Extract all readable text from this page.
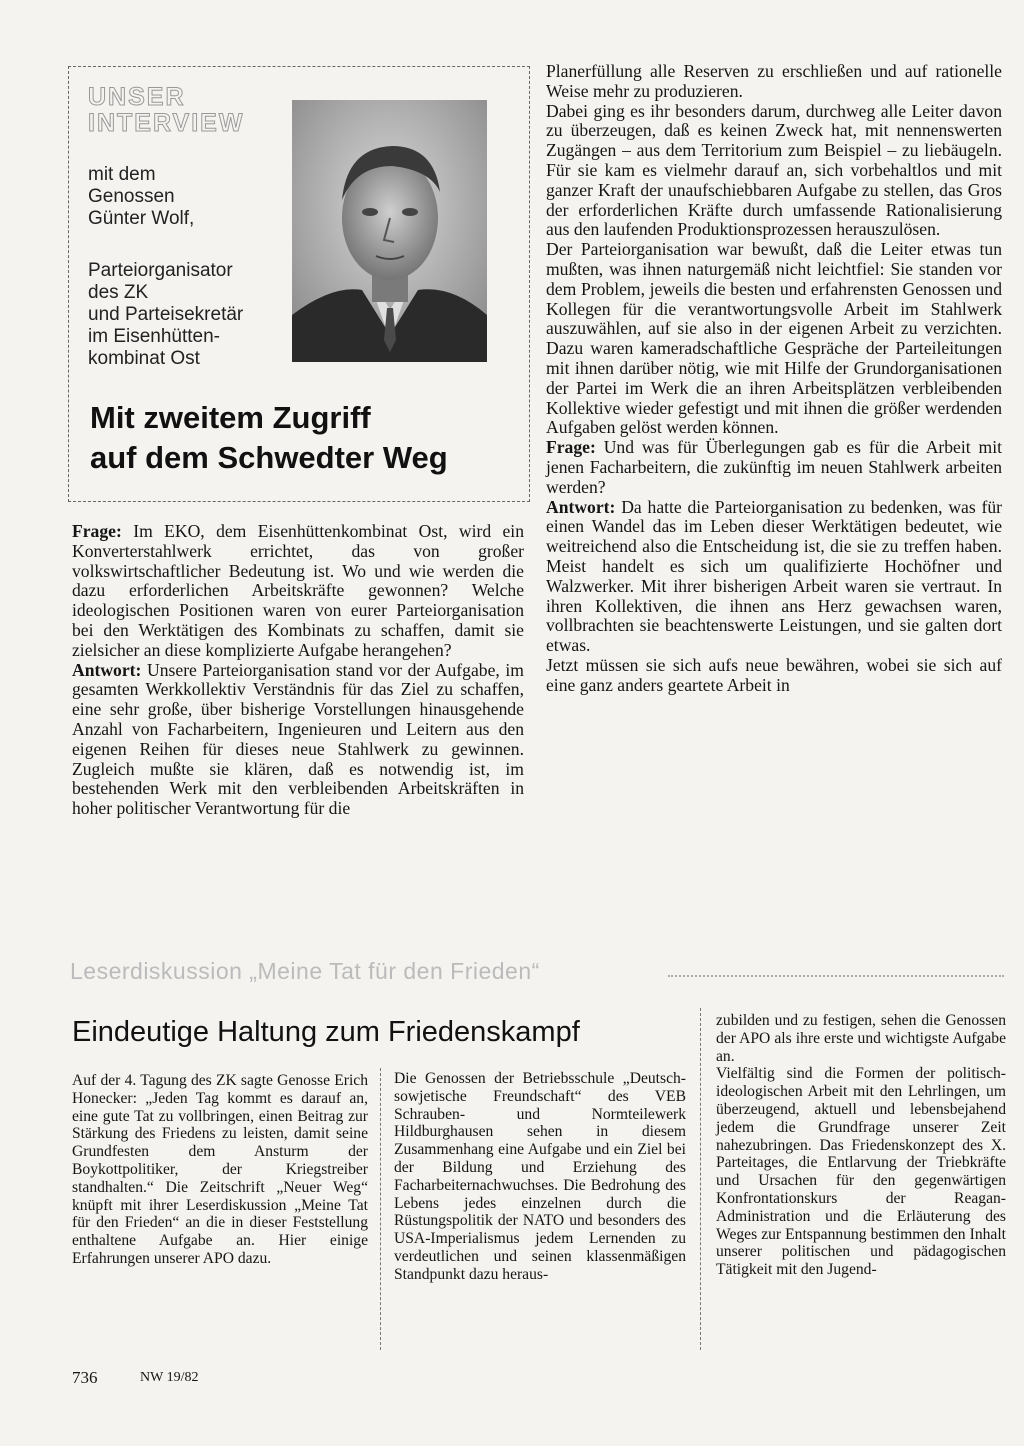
UNSER
INTERVIEW
mit dem
Genossen
Günter Wolf,
Parteiorganisator
des ZK
und Parteisekretär
im Eisenhütten-
kombinat Ost
Mit zweitem Zugriff
auf dem Schwedter Weg

Frage: Im EKO, dem Eisenhüttenkombinat Ost, wird ein Konverterstahlwerk errichtet, das von großer volkswirtschaftlicher Bedeutung ist. Wo und wie werden die dazu erforderlichen Arbeitskräfte gewonnen? Welche ideologischen Positionen waren von eurer Parteiorganisation bei den Werktätigen des Kombinats zu schaffen, damit sie zielsicher an diese komplizierte Aufgabe herangehen?

Antwort: Unsere Parteiorganisation stand vor der Aufgabe, im gesamten Werkkollektiv Verständnis für das Ziel zu schaffen, eine sehr große, über bisherige Vorstellungen hinausgehende Anzahl von Facharbeitern, Ingenieuren und Leitern aus den eigenen Reihen für dieses neue Stahlwerk zu gewinnen. Zugleich mußte sie klären, daß es notwendig ist, im bestehenden Werk mit den verbleibenden Arbeitskräften in hoher politischer Verantwortung für die

Planerfüllung alle Reserven zu erschließen und auf rationelle Weise mehr zu produzieren.

Dabei ging es ihr besonders darum, durchweg alle Leiter davon zu überzeugen, daß es keinen Zweck hat, mit nennenswerten Zugängen – aus dem Territorium zum Beispiel – zu liebäugeln. Für sie kam es vielmehr darauf an, sich vorbehaltlos und mit ganzer Kraft der unaufschiebbaren Aufgabe zu stellen, das Gros der erforderlichen Kräfte durch umfassende Rationalisierung aus den laufenden Produktionsprozessen herauszulösen.

Der Parteiorganisation war bewußt, daß die Leiter etwas tun mußten, was ihnen naturgemäß nicht leichtfiel: Sie standen vor dem Problem, jeweils die besten und erfahrensten Genossen und Kollegen für die verantwortungsvolle Arbeit im Stahlwerk auszuwählen, auf sie also in der eigenen Arbeit zu verzichten. Dazu waren kameradschaftliche Gespräche der Parteileitungen mit ihnen darüber nötig, wie mit Hilfe der Grundorganisationen der Partei im Werk die an ihren Arbeitsplätzen verbleibenden Kollektive wieder gefestigt und mit ihnen die größer werdenden Aufgaben gelöst werden können.

Frage: Und was für Überlegungen gab es für die Arbeit mit jenen Facharbeitern, die zukünftig im neuen Stahlwerk arbeiten werden?

Antwort: Da hatte die Parteiorganisation zu bedenken, was für einen Wandel das im Leben dieser Werktätigen bedeutet, wie weitreichend also die Entscheidung ist, die sie zu treffen haben. Meist handelt es sich um qualifizierte Hochöfner und Walzwerker. Mit ihrer bisherigen Arbeit waren sie vertraut. In ihren Kollektiven, die ihnen ans Herz gewachsen waren, vollbrachten sie beachtenswerte Leistungen, und sie galten dort etwas.

Jetzt müssen sie sich aufs neue bewähren, wobei sie sich auf eine ganz anders geartete Arbeit in

Leserdiskussion „Meine Tat für den Frieden“
Eindeutige Haltung zum Friedenskampf

Auf der 4. Tagung des ZK sagte Genosse Erich Honecker: „Jeden Tag kommt es darauf an, eine gute Tat zu vollbringen, einen Beitrag zur Stärkung des Friedens zu leisten, damit seine Grundfesten dem Ansturm der Boykottpolitiker, der Kriegstreiber standhalten.“ Die Zeitschrift „Neuer Weg“ knüpft mit ihrer Leserdiskussion „Meine Tat für den Frieden“ an die in dieser Feststellung enthaltene Aufgabe an. Hier einige Erfahrungen unserer APO dazu.

Die Genossen der Betriebsschule „Deutsch-sowjetische Freundschaft“ des VEB Schrauben- und Normteilewerk Hildburghausen sehen in diesem Zusammenhang eine Aufgabe und ein Ziel bei der Bildung und Erziehung des Facharbeiternachwuchses. Die Bedrohung des Lebens jedes einzelnen durch die Rüstungspolitik der NATO und besonders des USA-Imperialismus jedem Lernenden zu verdeutlichen und seinen klassenmäßigen Standpunkt dazu heraus-

zubilden und zu festigen, sehen die Genossen der APO als ihre erste und wichtigste Aufgabe an.

Vielfältig sind die Formen der politisch-ideologischen Arbeit mit den Lehrlingen, um überzeugend, aktuell und lebensbejahend jedem die Grundfrage unserer Zeit nahezubringen. Das Friedenskonzept des X. Parteitages, die Entlarvung der Triebkräfte und Ursachen für den gegenwärtigen Konfrontationskurs der Reagan-Administration und die Erläuterung des Weges zur Entspannung bestimmen den Inhalt unserer politischen und pädagogischen Tätigkeit mit den Jugend-

736	NW 19/82
